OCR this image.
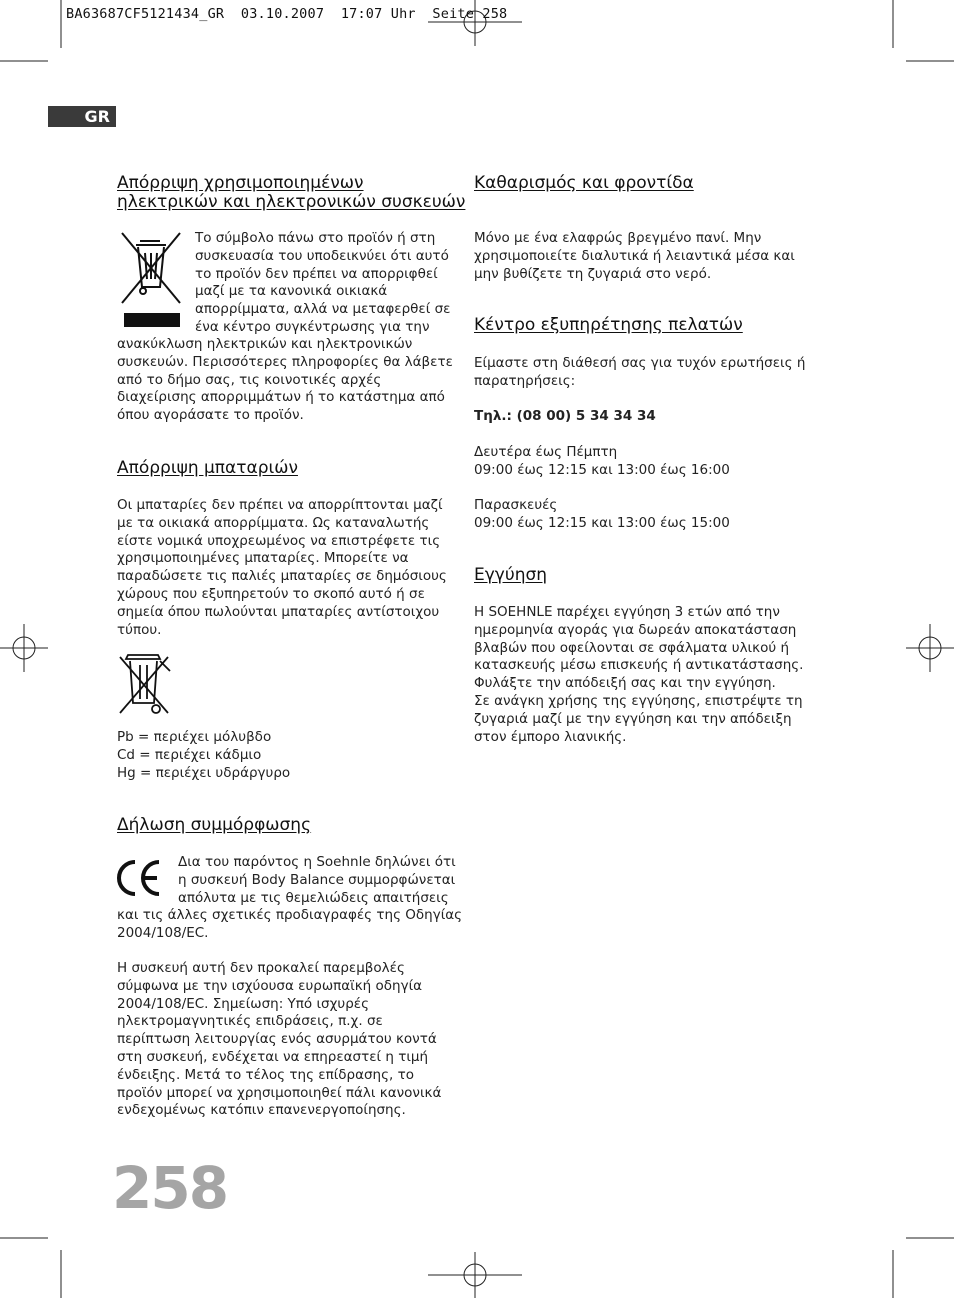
BA63687CF5121434_GR  03.10.2007  17:07 Uhr  Seite 258
GR
Απόρριψη χρησιμοποιημένων
ηλεκτρικών και ηλεκτρονικών συσκευών

Το σύμβολο πάνω στο προϊόν ή στη
συσκευασία του υποδεικνύει ότι αυτό
το προϊόν δεν πρέπει να απορριφθεί
μαζί με τα κανονικά οικιακά
απορρίμματα, αλλά να μεταφερθεί σε
ένα κέντρο συγκέντρωσης για την

ανακύκλωση ηλεκτρικών και ηλεκτρονικών
συσκευών. Περισσότερες πληροφορίες θα λάβετε
από το δήμο σας, τις κοινοτικές αρχές
διαχείρισης απορριμμάτων ή το κατάστημα από
όπου αγοράσατε το προϊόν.

Απόρριψη μπαταριών

Οι μπαταρίες δεν πρέπει να απορρίπτονται μαζί
με τα οικιακά απορρίμματα. Ως καταναλωτής
είστε νομικά υποχρεωμένος να επιστρέφετε τις
χρησιμοποιημένες μπαταρίες. Μπορείτε να
παραδώσετε τις παλιές μπαταρίες σε δημόσιους
χώρους που εξυπηρετούν το σκοπό αυτό ή σε
σημεία όπου πωλούνται μπαταρίες αντίστοιχου
τύπου.

Pb = περιέχει μόλυβδο
Cd = περιέχει κάδμιο
Hg = περιέχει υδράργυρο

Δήλωση συμμόρφωσης

Δια του παρόντος η Soehnle δηλώνει ότι
η συσκευή Body Balance συμμορφώνεται
απόλυτα με τις θεμελιώδεις απαιτήσεις

και τις άλλες σχετικές προδιαγραφές της Οδηγίας
2004/108/EC.

Η συσκευή αυτή δεν προκαλεί παρεμβολές
σύμφωνα με την ισχύουσα ευρωπαϊκή οδηγία
2004/108/EC. Σημείωση: Υπό ισχυρές
ηλεκτρομαγνητικές επιδράσεις, π.χ. σε
περίπτωση λειτουργίας ενός ασυρμάτου κοντά
στη συσκευή, ενδέχεται να επηρεαστεί η τιμή
ένδειξης. Μετά το τέλος της επίδρασης, το
προϊόν μπορεί να χρησιμοποιηθεί πάλι κανονικά
ενδεχομένως κατόπιν επανενεργοποίησης.

Καθαρισμός και φροντίδα

Μόνο με ένα ελαφρώς βρεγμένο πανί. Μην
χρησιμοποιείτε διαλυτικά ή λειαντικά μέσα και
μην βυθίζετε τη ζυγαριά στο νερό.

Κέντρο εξυπηρέτησης πελατών

Είμαστε στη διάθεσή σας για τυχόν ερωτήσεις ή
παρατηρήσεις:

Τηλ.: (08 00) 5 34 34 34

Δευτέρα έως Πέμπτη
09:00 έως 12:15 και 13:00 έως 16:00

Παρασκευές
09:00 έως 12:15 και 13:00 έως 15:00

Εγγύηση

Η SOEHNLE παρέχει εγγύηση 3 ετών από την
ημερομηνία αγοράς για δωρεάν αποκατάσταση
βλαβών που οφείλονται σε σφάλματα υλικού ή
κατασκευής μέσω επισκευής ή αντικατάστασης.
Φυλάξτε την απόδειξή σας και την εγγύηση.
Σε ανάγκη χρήσης της εγγύησης, επιστρέψτε τη
ζυγαριά μαζί με την εγγύηση και την απόδειξη
στον έμπορο λιανικής.

258
